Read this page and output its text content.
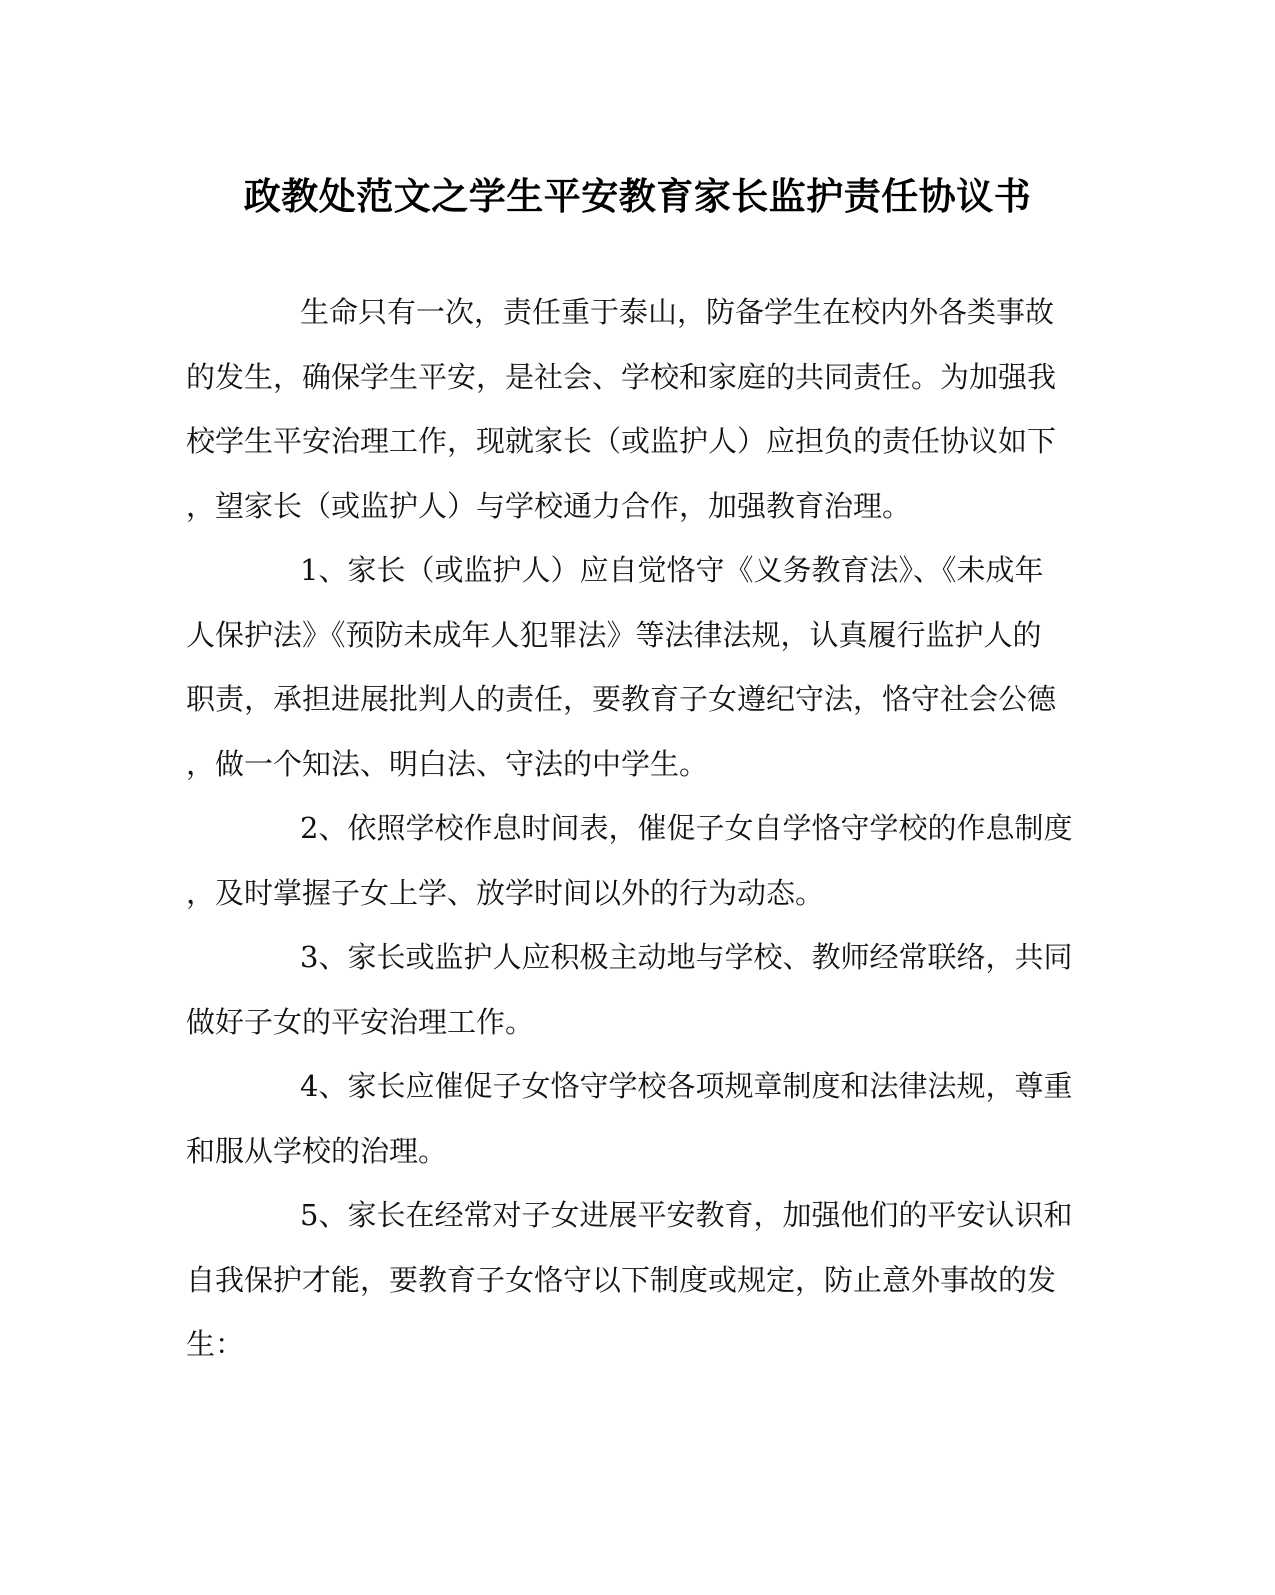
政教处范文之学生平安教育家长监护责任协议书
生命只有一次，责任重于泰山，防备学生在校内外各类事故
的发生，确保学生平安，是社会、学校和家庭的共同责任。为加强我
校学生平安治理工作，现就家长（或监护人）应担负的责任协议如下
，望家长（或监护人）与学校通力合作，加强教育治理。
1、家长（或监护人）应自觉恪守《义务教育法》、《未成年
人保护法》《预防未成年人犯罪法》等法律法规，认真履行监护人的
职责，承担进展批判人的责任，要教育子女遵纪守法，恪守社会公德
，做一个知法、明白法、守法的中学生。
2、依照学校作息时间表，催促子女自学恪守学校的作息制度
，及时掌握子女上学、放学时间以外的行为动态。
3、家长或监护人应积极主动地与学校、教师经常联络，共同
做好子女的平安治理工作。
4、家长应催促子女恪守学校各项规章制度和法律法规，尊重
和服从学校的治理。
5、家长在经常对子女进展平安教育，加强他们的平安认识和
自我保护才能，要教育子女恪守以下制度或规定，防止意外事故的发
生：
